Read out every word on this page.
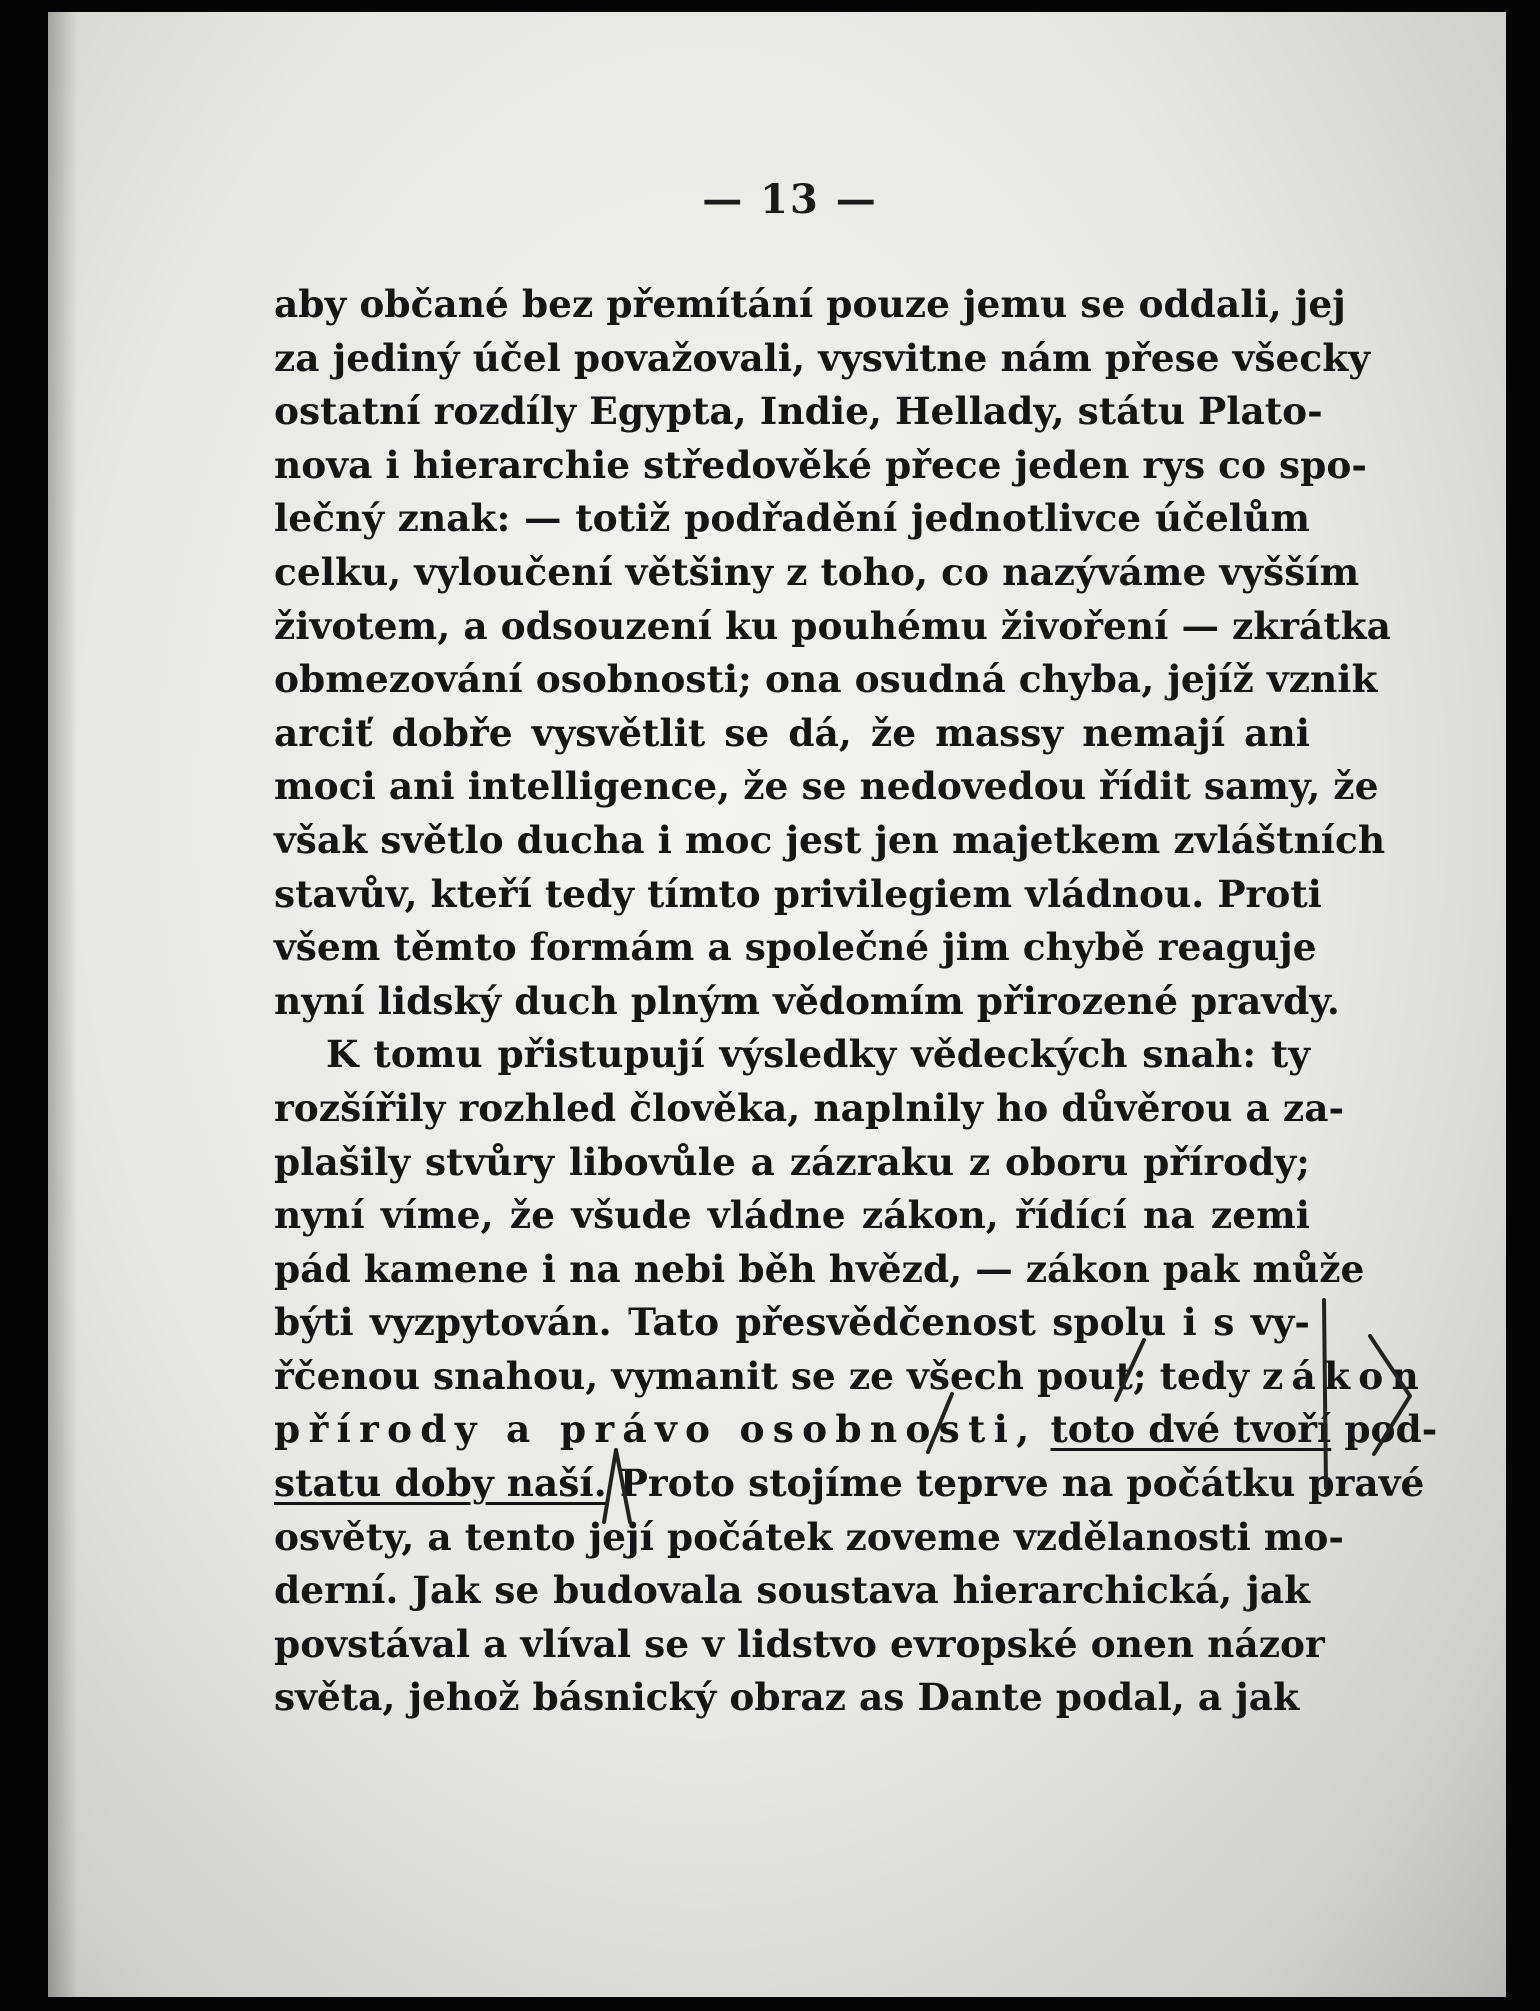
— 13 —
aby občané bez přemítání pouze jemu se oddali, jej
za jediný účel považovali, vysvitne nám přese všecky
ostatní rozdíly Egypta, Indie, Hellady, státu Plato-
nova i hierarchie středověké přece jeden rys co spo-
lečný znak: — totiž podřadění jednotlivce účelům
celku, vyloučení většiny z toho, co nazýváme vyšším
životem, a odsouzení ku pouhému živoření — zkrátka
obmezování osobnosti; ona osudná chyba, jejíž vznik
arciť dobře vysvětlit se dá, že massy nemají ani
moci ani intelligence, že se nedovedou řídit samy, že
však světlo ducha i moc jest jen majetkem zvláštních
stavův, kteří tedy tímto privilegiem vládnou. Proti
všem těmto formám a společné jim chybě reaguje
nyní lidský duch plným vědomím přirozené pravdy.
K tomu přistupují výsledky vědeckých snah: ty
rozšířily rozhled člověka, naplnily ho důvěrou a za-
plašily stvůry libovůle a zázraku z oboru přírody;
nyní víme, že všude vládne zákon, řídící na zemi
pád kamene i na nebi běh hvězd, — zákon pak může
býti vyzpytován. Tato přesvědčenost spolu i s vy-
řčenou snahou, vymanit se ze všech pout; tedy zákon
přírody a právo osobnosti, toto dvé tvoří pod-
statu doby naší. Proto stojíme teprve na počátku pravé
osvěty, a tento její počátek zoveme vzdělanosti mo-
derní. Jak se budovala soustava hierarchická, jak
povstával a vlíval se v lidstvo evropské onen názor
světa, jehož básnický obraz as Dante podal, a jak
